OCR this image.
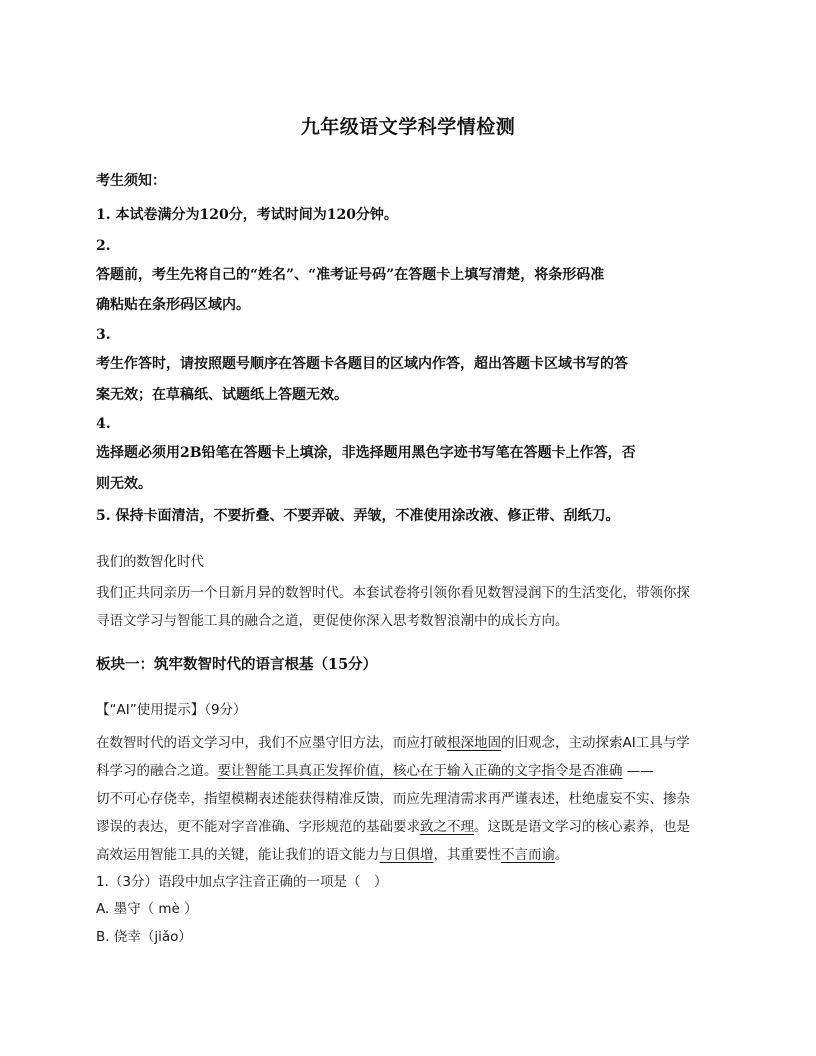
九年级语文学科学情检测
考生须知：
1. 本试卷满分为120分，考试时间为120分钟。
2.
答题前，考生先将自己的“姓名”、“准考证号码”在答题卡上填写清楚，将条形码准
确粘贴在条形码区域内。
3.
考生作答时，请按照题号顺序在答题卡各题目的区域内作答，超出答题卡区域书写的答
案无效；在草稿纸、试题纸上答题无效。
4.
选择题必须用2B铅笔在答题卡上填涂，非选择题用黑色字迹书写笔在答题卡上作答，否
则无效。
5. 保持卡面清洁，不要折叠、不要弄破、弄皱，不准使用涂改液、修正带、刮纸刀。
我们的数智化时代
我们正共同亲历一个日新月异的数智时代。本套试卷将引领你看见数智浸润下的生活变化，带领你探
寻语文学习与智能工具的融合之道，更促使你深入思考数智浪潮中的成长方向。
板块一：筑牢数智时代的语言根基（15分）
【“AI”使用提示】（9分）
在数智时代的语文学习中，我们不应墨守旧方法，而应打破根深地固的旧观念，主动探索AI工具与学
科学习的融合之道。要让智能工具真正发挥价值，核心在于输入正确的文字指令是否准确 ——
切不可心存侥幸，指望模糊表述能获得精准反馈，而应先理清需求再严谨表述，杜绝虚妄不实、掺杂
谬误的表达，更不能对字音准确、字形规范的基础要求致之不理。这既是语文学习的核心素养，也是
高效运用智能工具的关键，能让我们的语文能力与日俱增，其重要性不言而谕。
1.（3分）语段中加点字注音正确的一项是（　）
A. 墨守（ mè ）
B. 侥幸（jiǎo）
